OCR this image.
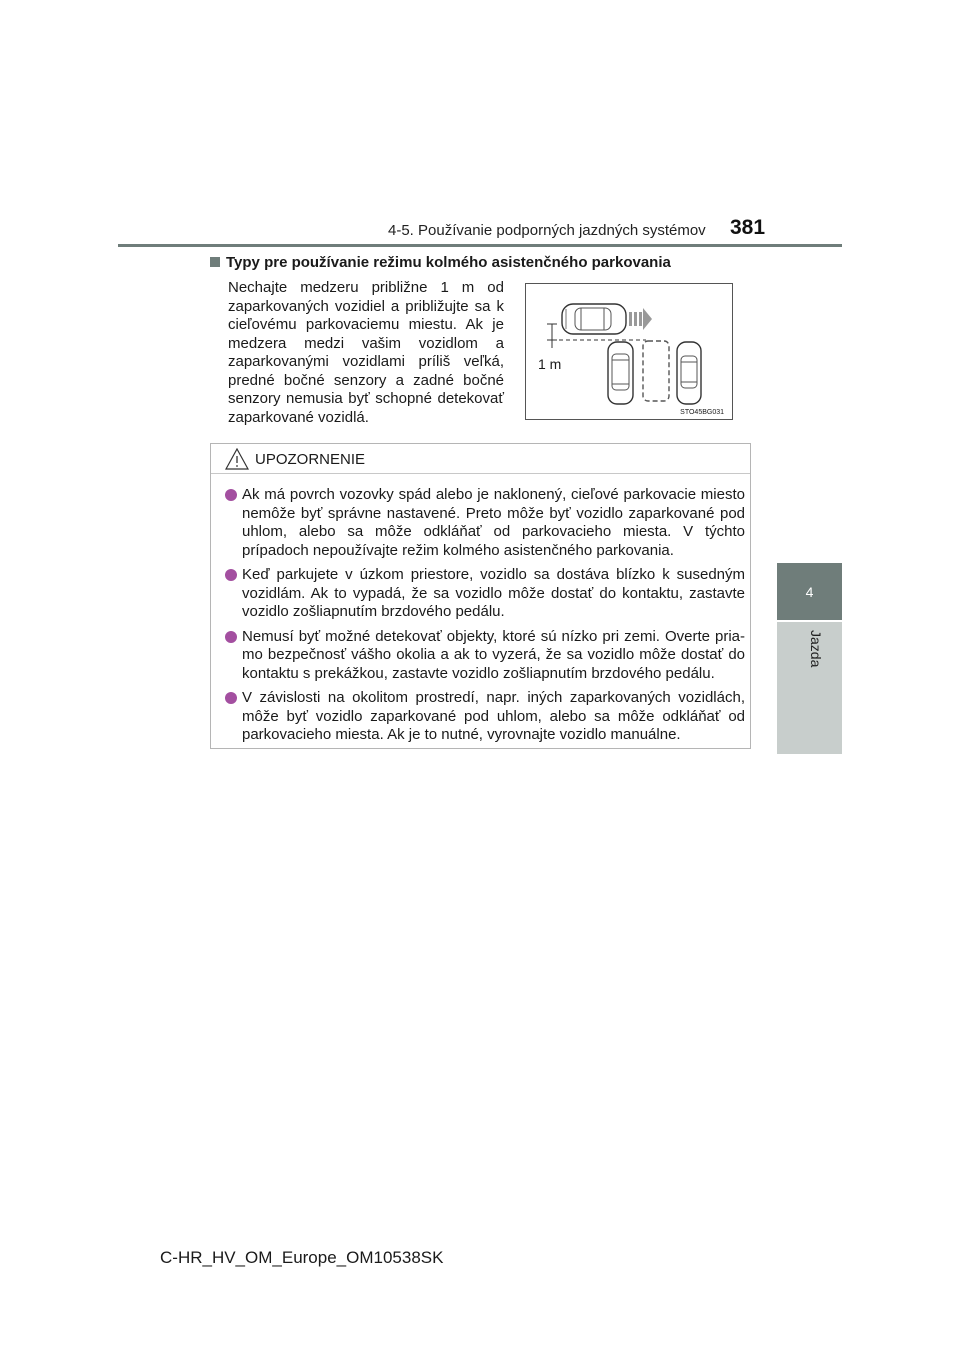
4-5. Používanie podporných jazdných systémov 381
4
Jazda
Typy pre používanie režimu kolmého asistenčného parkovania
Nechajte medzeru približne 1 m od zaparkovaných vozidiel a približujte sa k cieľovému parkovaciemu miestu. Ak je medzera medzi vašim vozidlom a zaparkovanými vozidlami príliš veľká, predné bočné senzory a zadné bočné senzory nemusia byť schopné detekovať zaparkované vozidlá.
1 m
STO45BG031
UPOZORNENIE
Ak má povrch vozovky spád alebo je naklonený, cieľové parkovacie miesto nemôže byť správne nastavené. Preto môže byť vozidlo zaparkované pod uhlom, alebo sa môže odkláňať od parkovacieho miesta. V týchto prípadoch nepoužívajte režim kolmého asistenčného parkovania.
Keď parkujete v úzkom priestore, vozidlo sa dostáva blízko k susedným vozidlám. Ak to vypadá, že sa vozidlo môže dostať do kontaktu, zastavte vozidlo zošliapnutím brzdového pedálu.
Nemusí byť možné detekovať objekty, ktoré sú nízko pri zemi. Overte priamo bezpečnosť vášho okolia a ak to vyzerá, že sa vozidlo môže dostať do kontaktu s prekážkou, zastavte vozidlo zošliapnutím brzdového pedálu.
V závislosti na okolitom prostredí, napr. iných zaparkovaných vozidlách, môže byť vozidlo zaparkované pod uhlom, alebo sa môže odkláňať od parkovacieho miesta. Ak je to nutné, vyrovnajte vozidlo manuálne.
C-HR_HV_OM_Europe_OM10538SK
